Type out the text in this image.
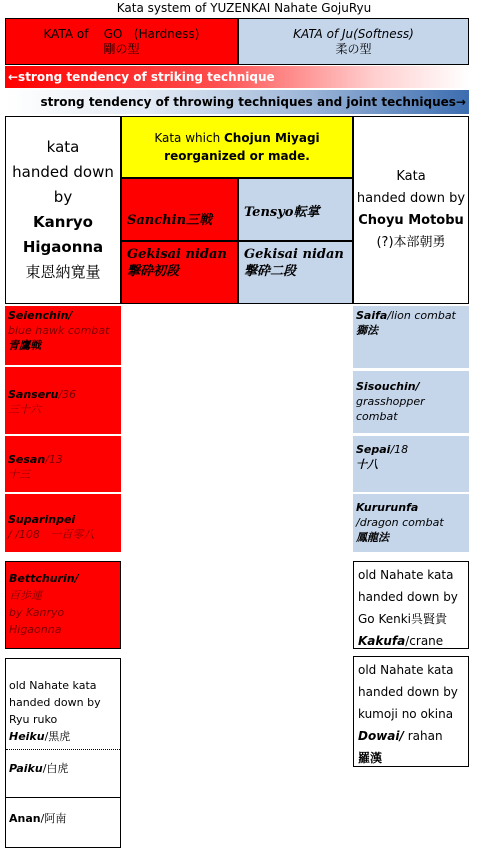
Kata system of YUZENKAI Nahate GojuRyu
KATA of    GO   (Hardness)
剛の型
KATA of Ju(Softness)
柔の型
←strong tendency of striking technique
strong tendency of throwing techniques and joint techniques→
kata
handed down
by
Kanryo
Higaonna
東恩納寛量
Kata which Chojun Miyagi
reorganized or made.
Sanchin三戦
Tensyo転掌
Gekisai nidan撃砕初段
Gekisai nidan
撃砕二段
Kata
handed down by
Choyu Motobu
(?)本部朝勇
Seienchin/
blue hawk combat
青鷹戦
Sanseru/36
三十六
Sesan/13
十三
Suparinpei
/ /108   一百零八
Bettchurin/
百歩連
by Kanryo
Higaonna
old Nahate kata
handed down by
Ryu ruko
Heiku/黒虎
Paiku/白虎
Anan/阿南
Saifa/lion combat
獅法
Sisouchin/
grasshopper combat
Sepai/18
十八
Kururunfa
/dragon combat
鳳龍法
old Nahate kata
handed down by
Go Kenki呉賢貴
Kakufa/crane
old Nahate kata
handed down by
kumoji no okina
Dowai/ rahan
羅漢
